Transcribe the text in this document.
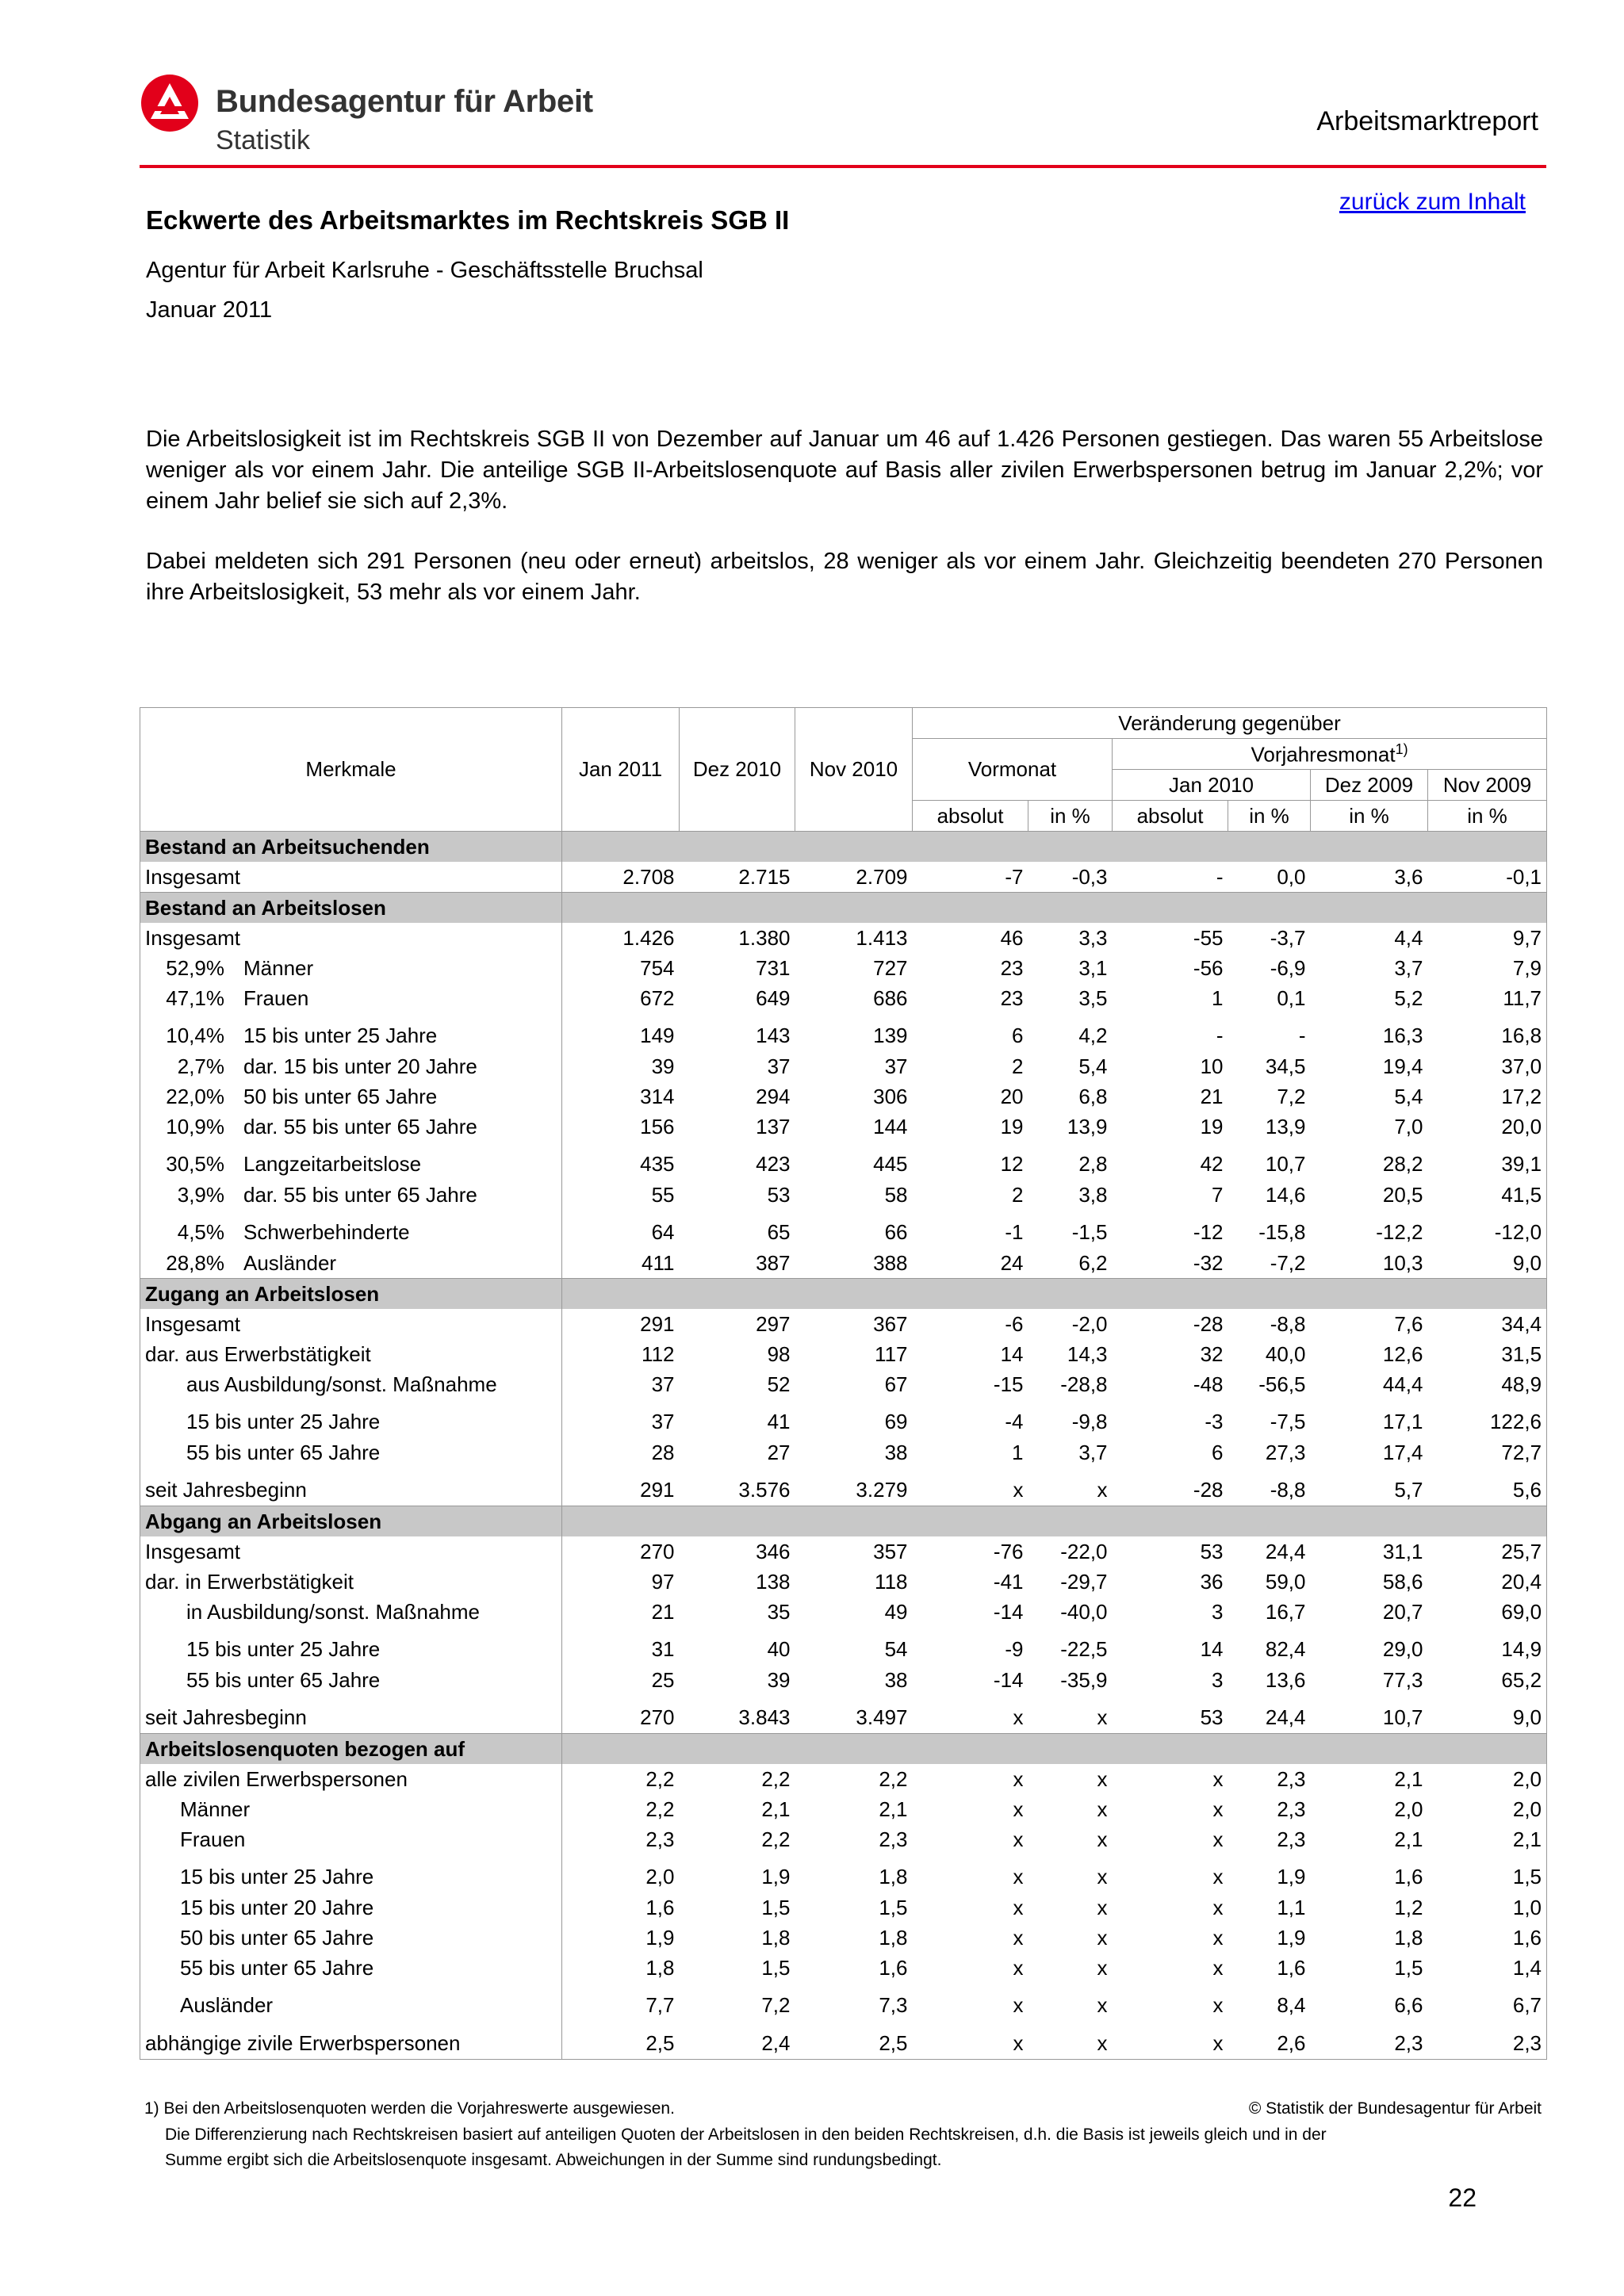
Bundesagentur für Arbeit
Statistik
Arbeitsmarktreport
zurück zum Inhalt
Eckwerte des Arbeitsmarktes im Rechtskreis SGB II
Agentur für Arbeit Karlsruhe - Geschäftsstelle Bruchsal
Januar 2011
Die Arbeitslosigkeit ist im Rechtskreis SGB II von Dezember auf Januar um 46 auf 1.426 Personen gestiegen. Das waren 55 Arbeitslose weniger als vor einem Jahr. Die anteilige SGB II-Arbeitslosenquote auf Basis aller zivilen Erwerbspersonen betrug im Januar 2,2%; vor einem Jahr belief sie sich auf 2,3%.
Dabei meldeten sich 291 Personen (neu oder erneut) arbeitslos, 28 weniger als vor einem Jahr. Gleichzeitig beendeten 270 Personen ihre Arbeitslosigkeit, 53 mehr als vor einem Jahr.
Merkmale	Jan 2011	Dez 2010	Nov 2010	Veränderung gegenüber					
				Vormonat		Vorjahresmonat$^{1)}$
						Jan 2010		Dez 2009	Nov 2009
				absolut	in %	absolut	in %	in %	in %
Bestand an Arbeitsuchenden									
Insgesamt	2.708	2.715	2.709	-7	-0,3	-	0,0	3,6	-0,1
Bestand an Arbeitslosen									
Insgesamt	1.426	1.380	1.413	46	3,3	-55	-3,7	4,4	9,7
52,9% Männer	754	731	727	23	3,1	-56	-6,9	3,7	7,9
47,1% Frauen	672	649	686	23	3,5	1	0,1	5,2	11,7
10,4% 15 bis unter 25 Jahre	149	143	139	6	4,2	-	-	16,3	16,8
2,7% dar. 15 bis unter 20 Jahre	39	37	37	2	5,4	10	34,5	19,4	37,0
22,0% 50 bis unter 65 Jahre	314	294	306	20	6,8	21	7,2	5,4	17,2
10,9% dar. 55 bis unter 65 Jahre	156	137	144	19	13,9	19	13,9	7,0	20,0
30,5% Langzeitarbeitslose	435	423	445	12	2,8	42	10,7	28,2	39,1
3,9% dar. 55 bis unter 65 Jahre	55	53	58	2	3,8	7	14,6	20,5	41,5
4,5% Schwerbehinderte	64	65	66	-1	-1,5	-12	-15,8	-12,2	-12,0
28,8% Ausländer	411	387	388	24	6,2	-32	-7,2	10,3	9,0
Zugang an Arbeitslosen									
Insgesamt	291	297	367	-6	-2,0	-28	-8,8	7,6	34,4
dar. aus Erwerbstätigkeit	112	98	117	14	14,3	32	40,0	12,6	31,5
aus Ausbildung/sonst. Maßnahme	37	52	67	-15	-28,8	-48	-56,5	44,4	48,9
15 bis unter 25 Jahre	37	41	69	-4	-9,8	-3	-7,5	17,1	122,6
55 bis unter 65 Jahre	28	27	38	1	3,7	6	27,3	17,4	72,7
seit Jahresbeginn	291	3.576	3.279	x	x	-28	-8,8	5,7	5,6
Abgang an Arbeitslosen									
Insgesamt	270	346	357	-76	-22,0	53	24,4	31,1	25,7
dar. in Erwerbstätigkeit	97	138	118	-41	-29,7	36	59,0	58,6	20,4
in Ausbildung/sonst. Maßnahme	21	35	49	-14	-40,0	3	16,7	20,7	69,0
15 bis unter 25 Jahre	31	40	54	-9	-22,5	14	82,4	29,0	14,9
55 bis unter 65 Jahre	25	39	38	-14	-35,9	3	13,6	77,3	65,2
seit Jahresbeginn	270	3.843	3.497	x	x	53	24,4	10,7	9,0
Arbeitslosenquoten bezogen auf									
alle zivilen Erwerbspersonen	2,2	2,2	2,2	x	x	x	2,3	2,1	2,0
Männer	2,2	2,1	2,1	x	x	x	2,3	2,0	2,0
Frauen	2,3	2,2	2,3	x	x	x	2,3	2,1	2,1
15 bis unter 25 Jahre	2,0	1,9	1,8	x	x	x	1,9	1,6	1,5
15 bis unter 20 Jahre	1,6	1,5	1,5	x	x	x	1,1	1,2	1,0
50 bis unter 65 Jahre	1,9	1,8	1,8	x	x	x	1,9	1,8	1,6
55 bis unter 65 Jahre	1,8	1,5	1,6	x	x	x	1,6	1,5	1,4
Ausländer	7,7	7,2	7,3	x	x	x	8,4	6,6	6,7
abhängige zivile Erwerbspersonen	2,5	2,4	2,5	x	x	x	2,6	2,3	2,3
1) Bei den Arbeitslosenquoten werden die Vorjahreswerte ausgewiesen.
Die Differenzierung nach Rechtskreisen basiert auf anteiligen Quoten der Arbeitslosen in den beiden Rechtskreisen, d.h. die Basis ist jeweils gleich und in der
Summe ergibt sich die Arbeitslosenquote insgesamt. Abweichungen in der Summe sind rundungsbedingt.
© Statistik der Bundesagentur für Arbeit
22
